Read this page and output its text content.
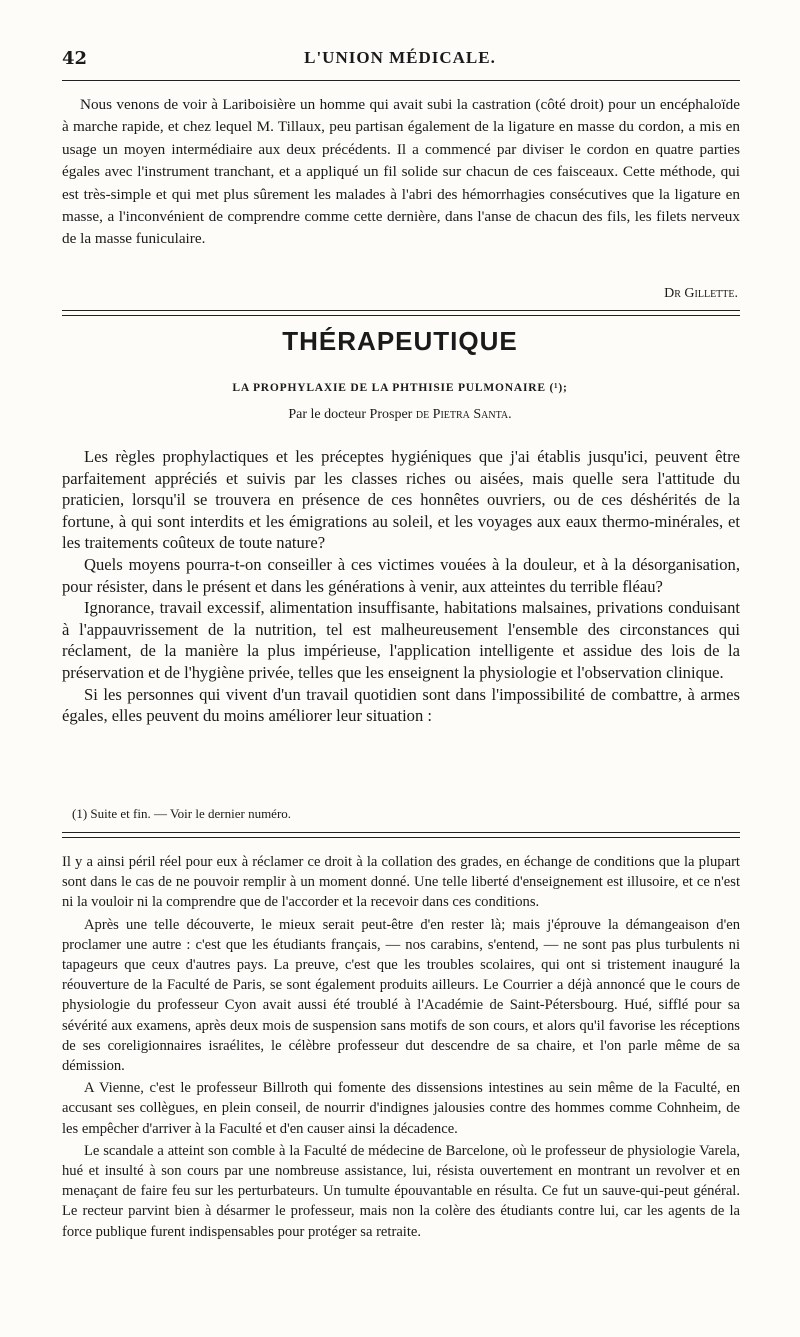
42	L'UNION MÉDICALE.
Nous venons de voir à Lariboisière un homme qui avait subi la castration (côté droit) pour un encéphaloïde à marche rapide, et chez lequel M. Tillaux, peu partisan également de la ligature en masse du cordon, a mis en usage un moyen intermédiaire aux deux précédents. Il a commencé par diviser le cordon en quatre parties égales avec l'instrument tranchant, et a appliqué un fil solide sur chacun de ces faisceaux. Cette méthode, qui est très-simple et qui met plus sûrement les malades à l'abri des hémorrhagies consécutives que la ligature en masse, a l'inconvénient de comprendre comme cette dernière, dans l'anse de chacun des fils, les filets nerveux de la masse funiculaire.
Dr Gillette.
THÉRAPEUTIQUE
LA PROPHYLAXIE DE LA PHTHISIE PULMONAIRE (¹);
Par le docteur Prosper de Pietra Santa.

Les règles prophylactiques et les préceptes hygiéniques que j'ai établis jusqu'ici, peuvent être parfaitement appréciés et suivis par les classes riches ou aisées, mais quelle sera l'attitude du praticien, lorsqu'il se trouvera en présence de ces honnêtes ouvriers, ou de ces déshérités de la fortune, à qui sont interdits et les émigrations au soleil, et les voyages aux eaux thermo-minérales, et les traitements coûteux de toute nature?

Quels moyens pourra-t-on conseiller à ces victimes vouées à la douleur, et à la désorganisation, pour résister, dans le présent et dans les générations à venir, aux atteintes du terrible fléau?

Ignorance, travail excessif, alimentation insuffisante, habitations malsaines, privations conduisant à l'appauvrissement de la nutrition, tel est malheureusement l'ensemble des circonstances qui réclament, de la manière la plus impérieuse, l'application intelligente et assidue des lois de la préservation et de l'hygiène privée, telles que les enseignent la physiologie et l'observation clinique.

Si les personnes qui vivent d'un travail quotidien sont dans l'impossibilité de combattre, à armes égales, elles peuvent du moins améliorer leur situation :

(1) Suite et fin. — Voir le dernier numéro.

Il y a ainsi péril réel pour eux à réclamer ce droit à la collation des grades, en échange de conditions que la plupart sont dans le cas de ne pouvoir remplir à un moment donné. Une telle liberté d'enseignement est illusoire, et ce n'est ni la vouloir ni la comprendre que de l'accorder et la recevoir dans ces conditions.

Après une telle découverte, le mieux serait peut-être d'en rester là; mais j'éprouve la démangeaison d'en proclamer une autre : c'est que les étudiants français, — nos carabins, s'entend, — ne sont pas plus turbulents ni tapageurs que ceux d'autres pays. La preuve, c'est que les troubles scolaires, qui ont si tristement inauguré la réouverture de la Faculté de Paris, se sont également produits ailleurs. Le Courrier a déjà annoncé que le cours de physiologie du professeur Cyon avait aussi été troublé à l'Académie de Saint-Pétersbourg. Hué, sifflé pour sa sévérité aux examens, après deux mois de suspension sans motifs de son cours, et alors qu'il favorise les réceptions de ses coreligionnaires israélites, le célèbre professeur dut descendre de sa chaire, et l'on parle même de sa démission.

A Vienne, c'est le professeur Billroth qui fomente des dissensions intestines au sein même de la Faculté, en accusant ses collègues, en plein conseil, de nourrir d'indignes jalousies contre des hommes comme Cohnheim, de les empêcher d'arriver à la Faculté et d'en causer ainsi la décadence.

Le scandale a atteint son comble à la Faculté de médecine de Barcelone, où le professeur de physiologie Varela, hué et insulté à son cours par une nombreuse assistance, lui, résista ouvertement en montrant un revolver et en menaçant de faire feu sur les perturbateurs. Un tumulte épouvantable en résulta. Ce fut un sauve-qui-peut général. Le recteur parvint bien à désarmer le professeur, mais non la colère des étudiants contre lui, car les agents de la force publique furent indispensables pour protéger sa retraite.
